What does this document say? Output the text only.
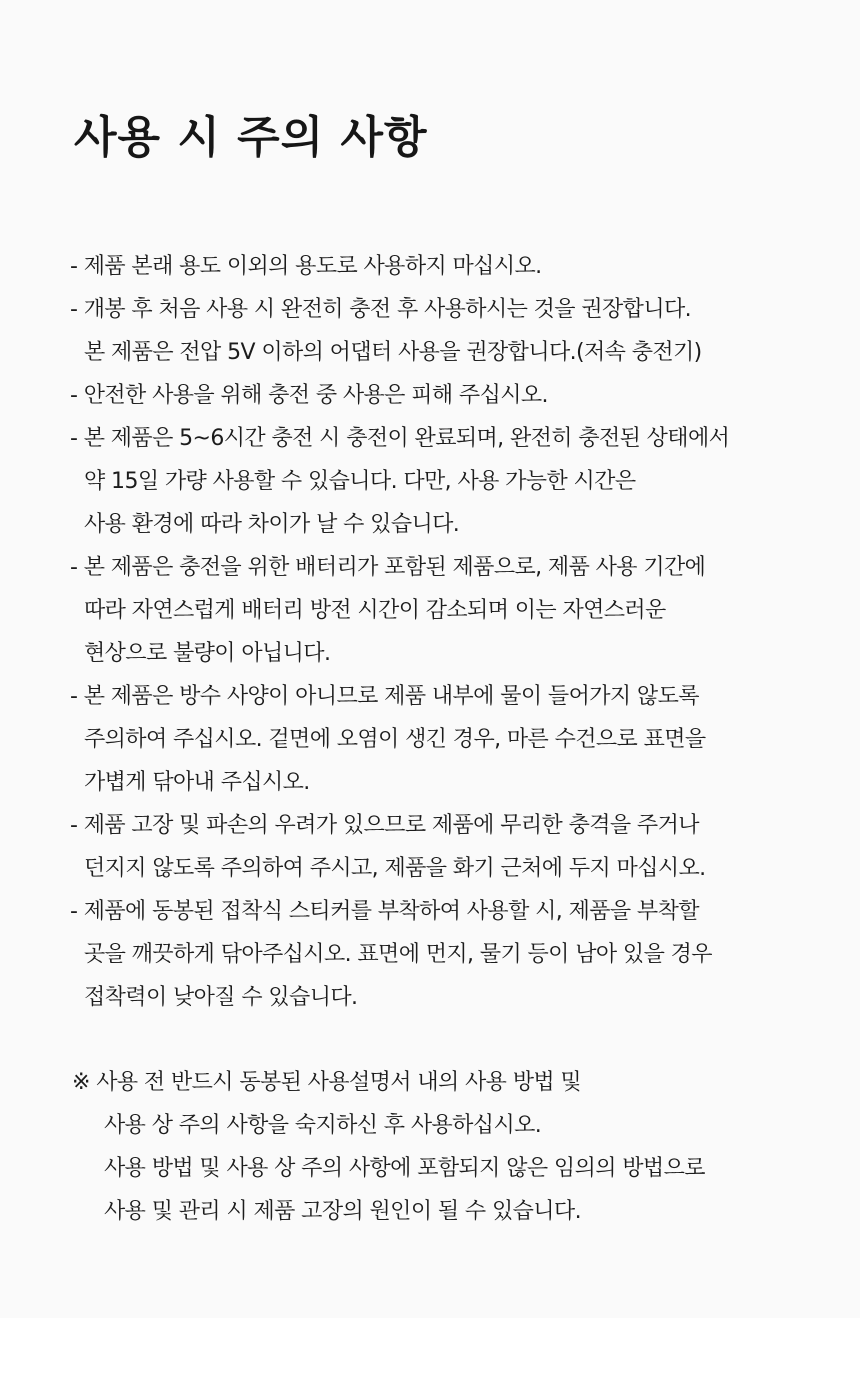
사용 시 주의 사항
- 제품 본래 용도 이외의 용도로 사용하지 마십시오.
- 개봉 후 처음 사용 시 완전히 충전 후 사용하시는 것을 권장합니다.
본 제품은 전압 5V 이하의 어댑터 사용을 권장합니다.(저속 충전기)
- 안전한 사용을 위해 충전 중 사용은 피해 주십시오.
- 본 제품은 5~6시간 충전 시 충전이 완료되며, 완전히 충전된 상태에서
약 15일 가량 사용할 수 있습니다. 다만, 사용 가능한 시간은
사용 환경에 따라 차이가 날 수 있습니다.
- 본 제품은 충전을 위한 배터리가 포함된 제품으로, 제품 사용 기간에
따라 자연스럽게 배터리 방전 시간이 감소되며 이는 자연스러운
현상으로 불량이 아닙니다.
- 본 제품은 방수 사양이 아니므로 제품 내부에 물이 들어가지 않도록
주의하여 주십시오. 겉면에 오염이 생긴 경우, 마른 수건으로 표면을
가볍게 닦아내 주십시오.
- 제품 고장 및 파손의 우려가 있으므로 제품에 무리한 충격을 주거나
던지지 않도록 주의하여 주시고, 제품을 화기 근처에 두지 마십시오.
- 제품에 동봉된 접착식 스티커를 부착하여 사용할 시, 제품을 부착할
곳을 깨끗하게 닦아주십시오. 표면에 먼지, 물기 등이 남아 있을 경우
접착력이 낮아질 수 있습니다.
※ 사용 전 반드시 동봉된 사용설명서 내의 사용 방법 및
사용 상 주의 사항을 숙지하신 후 사용하십시오.
사용 방법 및 사용 상 주의 사항에 포함되지 않은 임의의 방법으로
사용 및 관리 시 제품 고장의 원인이 될 수 있습니다.
